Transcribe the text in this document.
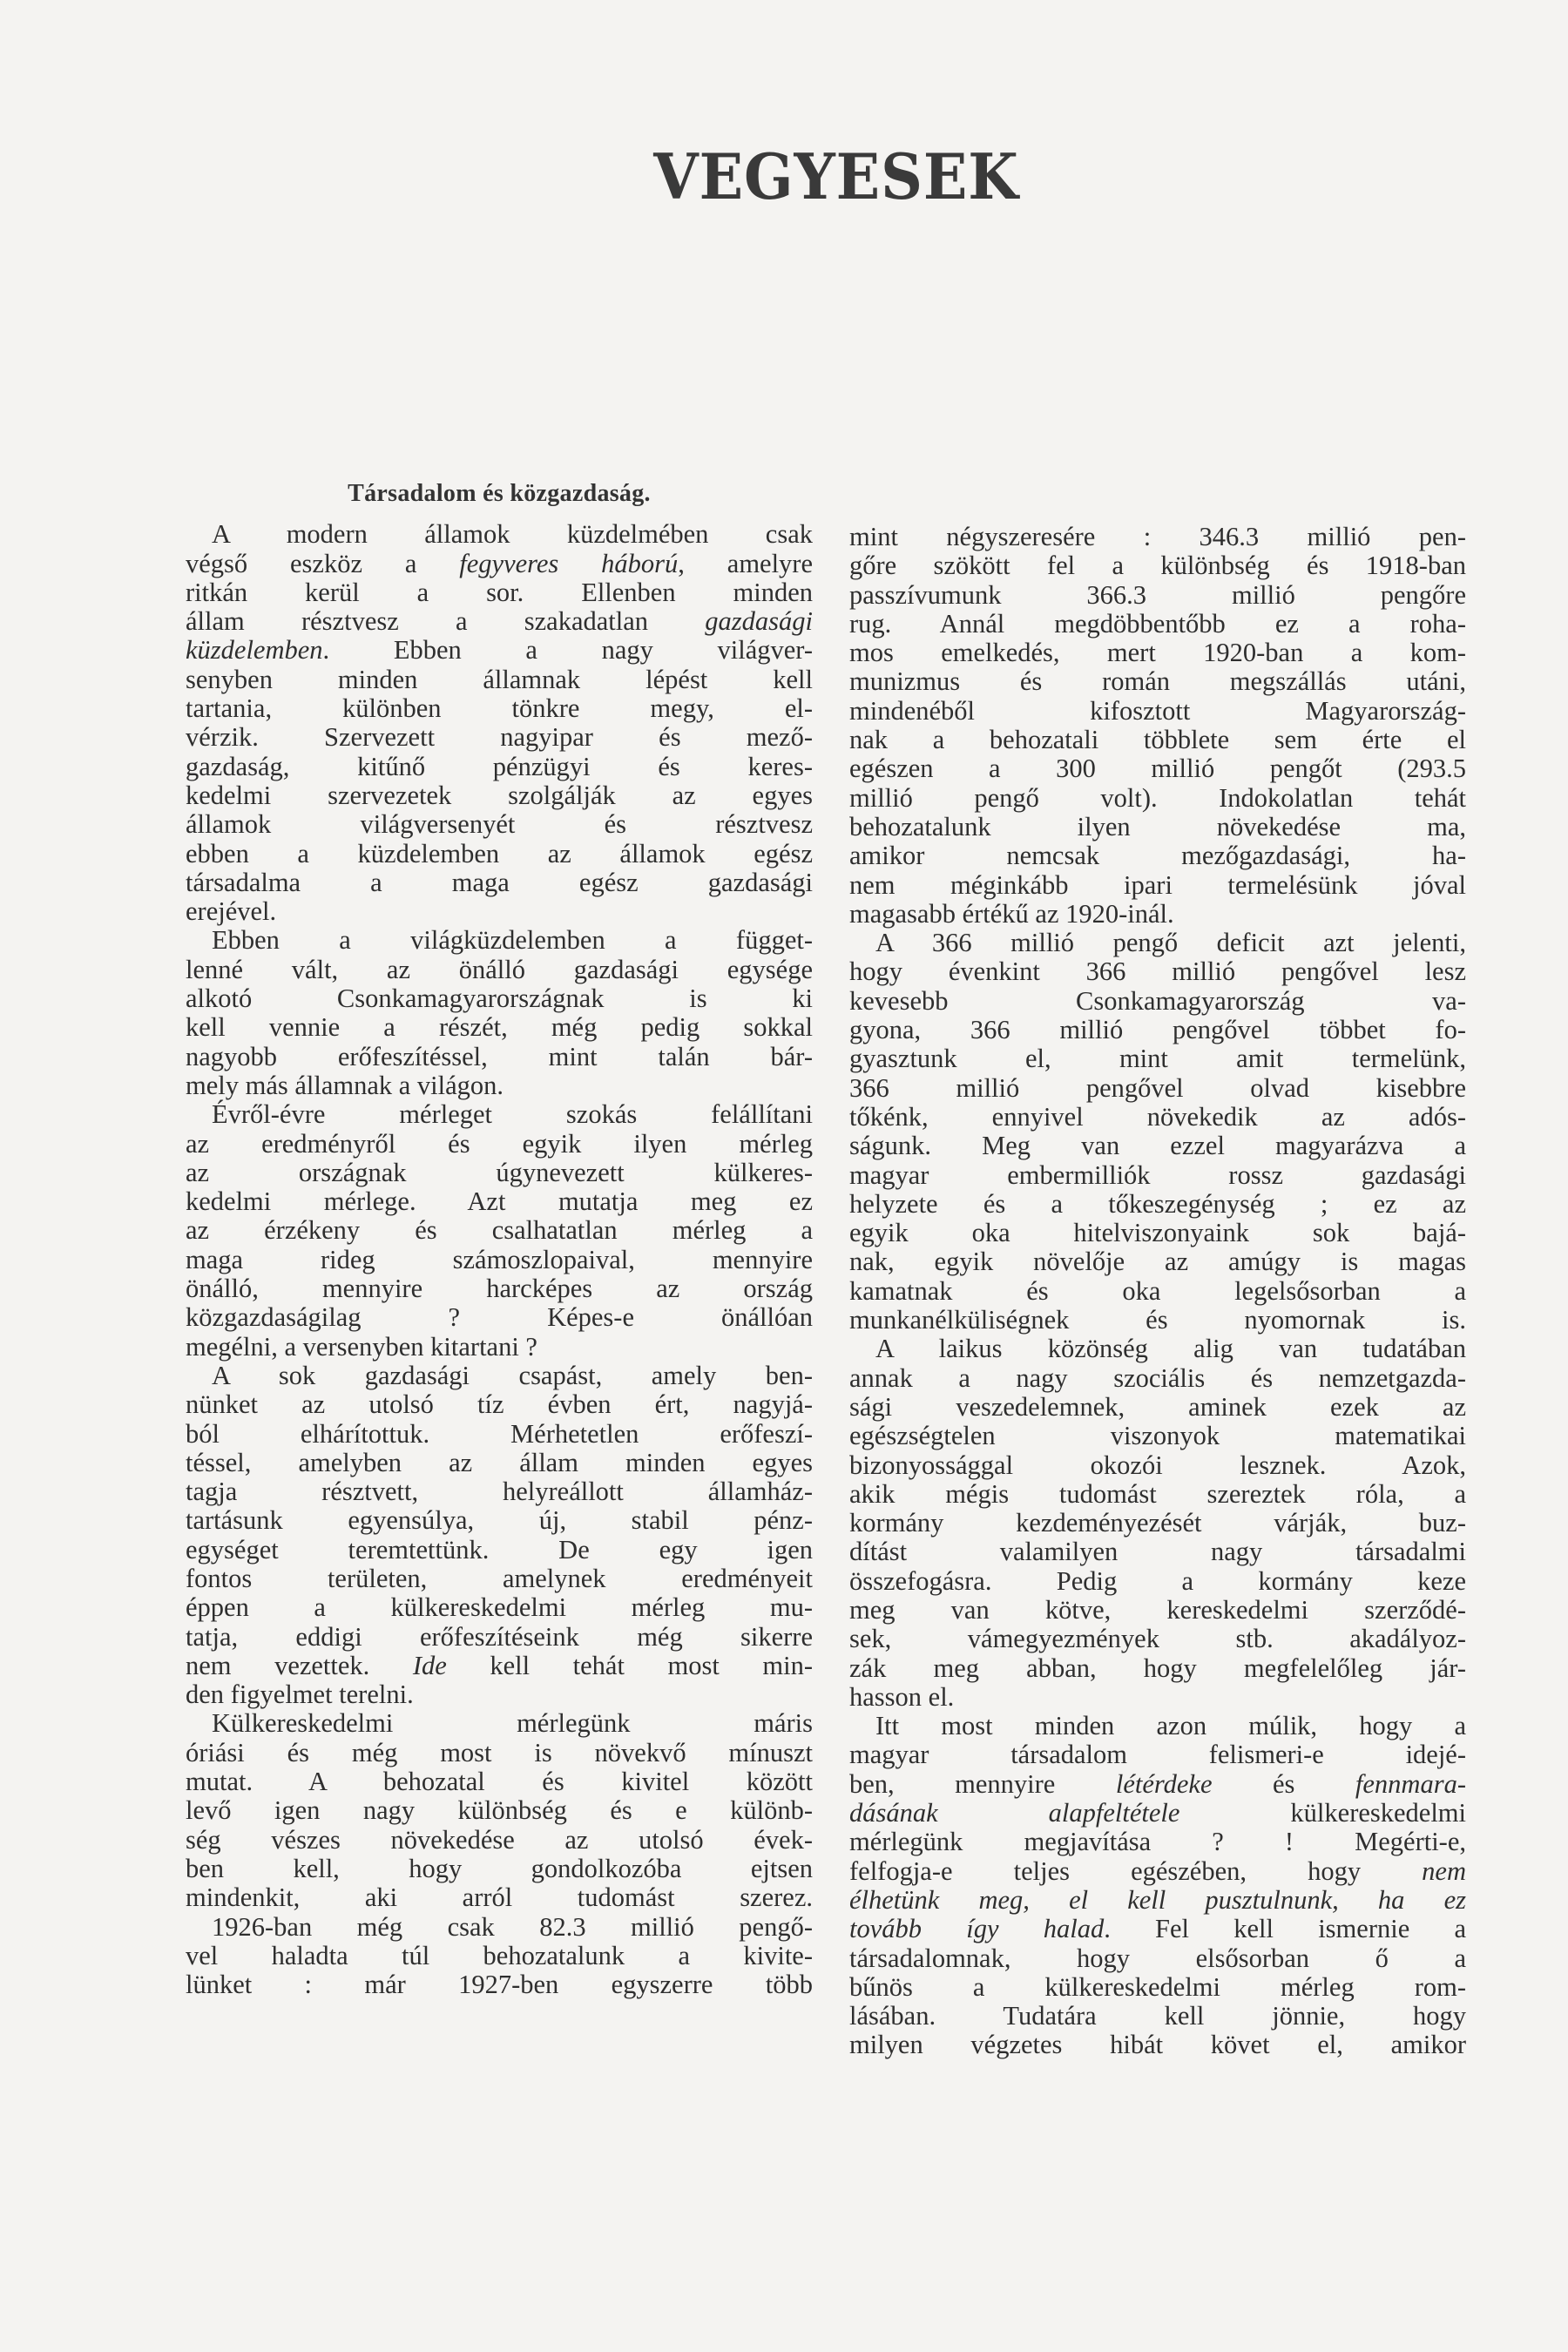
VEGYESEK
Társadalom és közgazdaság.
A modern államok küzdelmében csak
végső eszköz a fegyveres háború, amelyre
ritkán kerül a sor. Ellenben minden
állam résztvesz a szakadatlan gazdasági
küzdelemben. Ebben a nagy világver-
senyben minden államnak lépést kell
tartania, különben tönkre megy, el-
vérzik. Szervezett nagyipar és mező-
gazdaság, kitűnő pénzügyi és keres-
kedelmi szervezetek szolgálják az egyes
államok világversenyét és résztvesz
ebben a küzdelemben az államok egész
társadalma a maga egész gazdasági
erejével.
Ebben a világküzdelemben a függet-
lenné vált, az önálló gazdasági egysége
alkotó Csonkamagyarországnak is ki
kell vennie a részét, még pedig sokkal
nagyobb erőfeszítéssel, mint talán bár-
mely más államnak a világon.
Évről-évre mérleget szokás felállítani
az eredményről és egyik ilyen mérleg
az országnak úgynevezett külkeres-
kedelmi mérlege. Azt mutatja meg ez
az érzékeny és csalhatatlan mérleg a
maga rideg számoszlopaival, mennyire
önálló, mennyire harcképes az ország
közgazdaságilag ? Képes-e önállóan
megélni, a versenyben kitartani ?
A sok gazdasági csapást, amely ben-
nünket az utolsó tíz évben ért, nagyjá-
ból elhárítottuk. Mérhetetlen erőfeszí-
téssel, amelyben az állam minden egyes
tagja résztvett, helyreállott államház-
tartásunk egyensúlya, új, stabil pénz-
egységet teremtettünk. De egy igen
fontos területen, amelynek eredményeit
éppen a külkereskedelmi mérleg mu-
tatja, eddigi erőfeszítéseink még sikerre
nem vezettek. Ide kell tehát most min-
den figyelmet terelni.
Külkereskedelmi mérlegünk máris
óriási és még most is növekvő mínuszt
mutat. A behozatal és kivitel között
levő igen nagy különbség és e különb-
ség vészes növekedése az utolsó évek-
ben kell, hogy gondolkozóba ejtsen
mindenkit, aki arról tudomást szerez.
1926-ban még csak 82.3 millió pengő-
vel haladta túl behozatalunk a kivite-
lünket : már 1927-ben egyszerre több
mint négyszeresére : 346.3 millió pen-
gőre szökött fel a különbség és 1918-ban
passzívumunk 366.3 millió pengőre
rug. Annál megdöbbentőbb ez a roha-
mos emelkedés, mert 1920-ban a kom-
munizmus és román megszállás utáni,
mindenéből kifosztott Magyarország-
nak a behozatali többlete sem érte el
egészen a 300 millió pengőt (293.5
millió pengő volt). Indokolatlan tehát
behozatalunk ilyen növekedése ma,
amikor nemcsak mezőgazdasági, ha-
nem méginkább ipari termelésünk jóval
magasabb értékű az 1920-inál.
A 366 millió pengő deficit azt jelenti,
hogy évenkint 366 millió pengővel lesz
kevesebb Csonkamagyarország va-
gyona, 366 millió pengővel többet fo-
gyasztunk el, mint amit termelünk,
366 millió pengővel olvad kisebbre
tőkénk, ennyivel növekedik az adós-
ságunk. Meg van ezzel magyarázva a
magyar embermilliók rossz gazdasági
helyzete és a tőkeszegénység ; ez az
egyik oka hitelviszonyaink sok bajá-
nak, egyik növelője az amúgy is magas
kamatnak és oka legelsősorban a
munkanélküliségnek és nyomornak is.
A laikus közönség alig van tudatában
annak a nagy szociális és nemzetgazda-
sági veszedelemnek, aminek ezek az
egészségtelen viszonyok matematikai
bizonyossággal okozói lesznek. Azok,
akik mégis tudomást szereztek róla, a
kormány kezdeményezését várják, buz-
dítást valamilyen nagy társadalmi
összefogásra. Pedig a kormány keze
meg van kötve, kereskedelmi szerződé-
sek, vámegyezmények stb. akadályoz-
zák meg abban, hogy megfelelőleg jár-
hasson el.
Itt most minden azon múlik, hogy a
magyar társadalom felismeri-e idejé-
ben, mennyire létérdeke és fennmara-
dásának alapfeltétele külkereskedelmi
mérlegünk megjavítása ? ! Megérti-e,
felfogja-e teljes egészében, hogy nem
élhetünk meg, el kell pusztulnunk, ha ez
tovább így halad. Fel kell ismernie a
társadalomnak, hogy elsősorban ő a
bűnös a külkereskedelmi mérleg rom-
lásában. Tudatára kell jönnie, hogy
milyen végzetes hibát követ el, amikor
